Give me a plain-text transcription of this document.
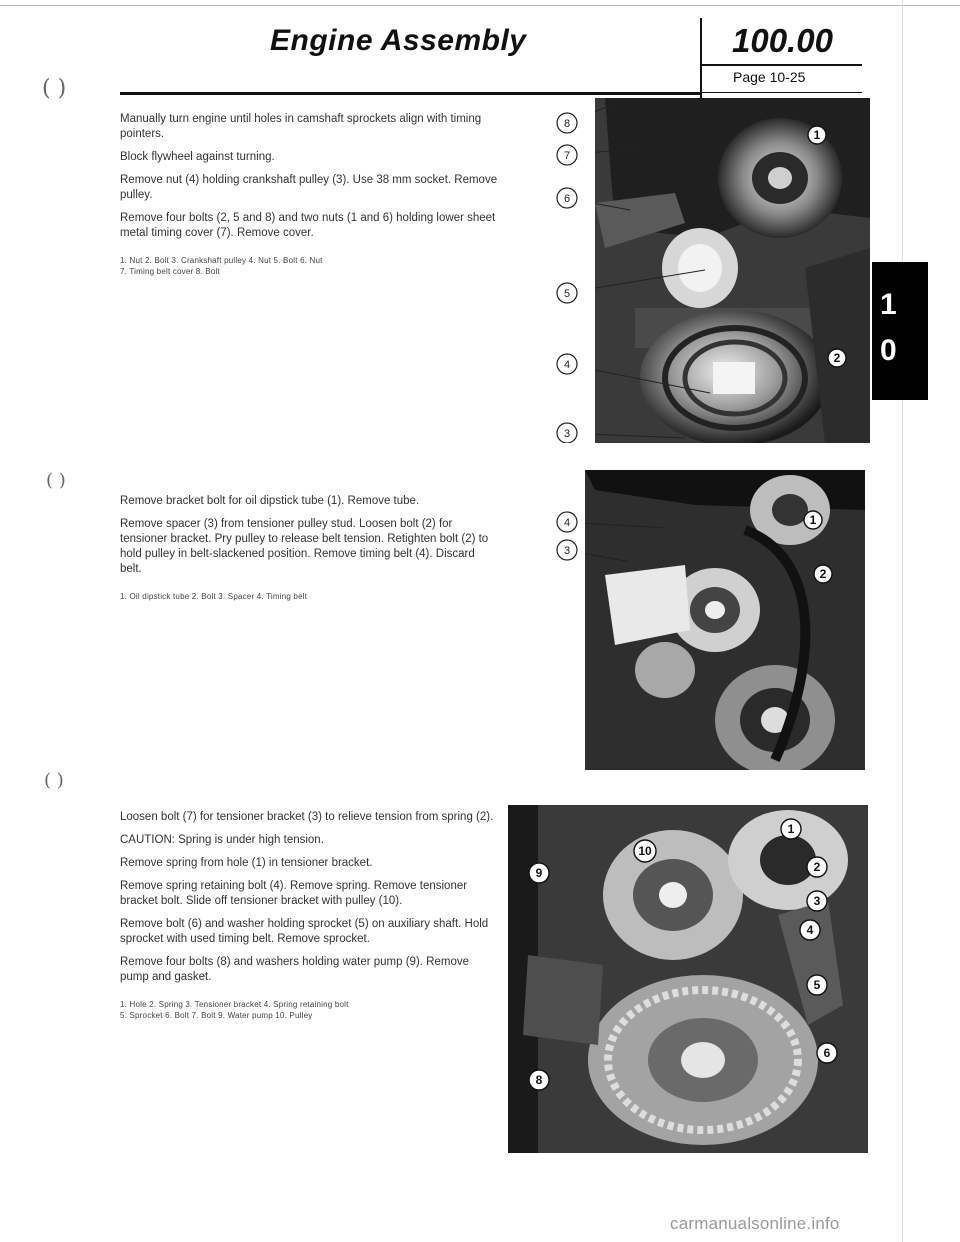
Engine Assembly	100.00
Page 10-25
( )
( )
( )

Manually turn engine until holes in camshaft sprockets align with timing pointers.

Block flywheel against turning.

Remove nut (4) holding crankshaft pulley (3). Use 38 mm socket. Remove pulley.

Remove four bolts (2, 5 and 8) and two nuts (1 and 6) holding lower sheet metal timing cover (7). Remove cover.

1. Nut 2. Bolt 3. Crankshaft pulley 4. Nut 5. Bolt 6. Nut
7. Timing belt cover 8. Bolt

Remove bracket bolt for oil dipstick tube (1). Remove tube.

Remove spacer (3) from tensioner pulley stud. Loosen bolt (2) for tensioner bracket. Pry pulley to release belt tension. Retighten bolt (2) to hold pulley in belt-slackened position. Remove timing belt (4). Discard belt.

1. Oil dipstick tube 2. Bolt 3. Spacer 4. Timing belt

Loosen bolt (7) for tensioner bracket (3) to relieve tension from spring (2).

CAUTION: Spring is under high tension.

Remove spring from hole (1) in tensioner bracket.

Remove spring retaining bolt (4). Remove spring. Remove tensioner bracket bolt. Slide off tensioner bracket with pulley (10).

Remove bolt (6) and washer holding sprocket (5) on auxiliary shaft. Hold sprocket with used timing belt. Remove sprocket.

Remove four bolts (8) and washers holding water pump (9). Remove pump and gasket.

1. Hole 2. Spring 3. Tensioner bracket 4. Spring retaining bolt
5. Sprocket 6. Bolt 7. Bolt 9. Water pump 10. Pulley
1
2
8
7
6
5
4
3
1
2
4
3
10
9
8
1
2
3
4
5
6
1
0
carmanualsonline.info
